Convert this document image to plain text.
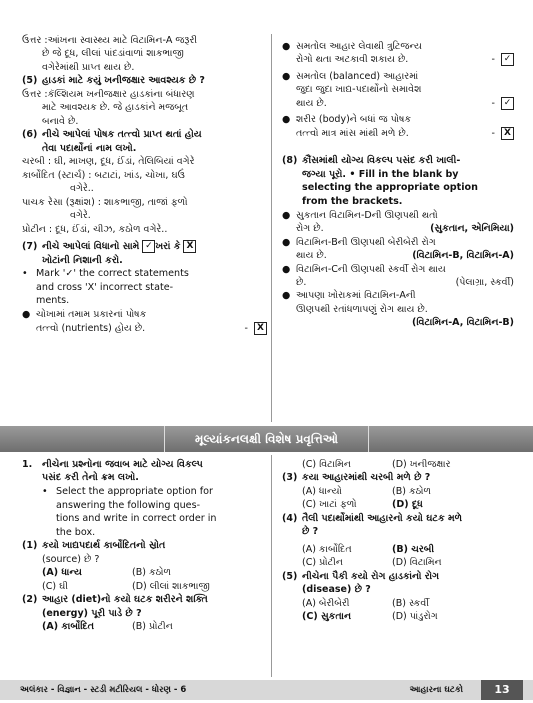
ઉત્તર :આંખના સ્વાસ્થ્ય માટે વિટામિન-A જરૂરી
છે જે દૂધ, લીલાં પાંદડાંવાળાં શાકભાજી
વગેરેમાંથી પ્રાપ્ત થાય છે.
(5) હાડકાં માટે કયું ખનીજક્ષાર આવશ્યક છે ?
ઉત્તર :કૅલ્શિયમ ખનીજક્ષાર હાડકાંના બંધારણ
માટે આવશ્યક છે. જે હાડકાંને મજબૂત
બનાવે છે.
(6) નીચે આપેલાં પોષક તત્ત્વો પ્રાપ્ત થતાં હોય
તેવા પદાર્થોનાં નામ લખો.
ચરબી : ઘી, માખણ, દૂધ, ઈંડાં, તેલિબિયાં વગેરે
કાર્બોદિત (સ્ટાર્ચ) : બટાટાં, ખાંડ, ચોખા, ઘઉં
વગેરે..
પાચક રેસા (રૂક્ષાંશ) : શાકભાજી, તાજાં ફળો
વગેરે.
પ્રોટીન : દૂધ, ઈંડાં, ચીઝ, કઠોળ વગેરે..
(7) નીચે આપેલાં વિધાનો સામે ✓ ખરાં કે X
ખોટાંની નિશાની કરો.
• Mark '✓' the correct statements
and cross 'X' incorrect state-
ments.
● ચોખામાં તમામ પ્રકારનાં પોષક
તત્ત્વો (nutrients) હોય છે.	- X
● સમતોલ આહાર લેવાથી ત્રુટિજન્ય
રોગો થતા અટકાવી શકાય છે.	- ✓
● સમતોલ (balanced) આહારમાં
જુદા જુદા ખાદ્ય-પદાર્થોનો સમાવેશ
થાય છે.	- ✓
● શરીર (body)ને બધાં જ પોષક
તત્ત્વો માત્ર માંસ માંથી મળે છે.	- X
(8) કૌંસમાંથી યોગ્ય વિકલ્પ પસંદ કરી ખાલી-
જગ્યા પૂરો. • Fill in the blank by
selecting the appropriate option
from the brackets.
● સુકતાન વિટામિન-Dની ઊણપથી થતો
રોગ છે.	(સુકતાન, એનિમિયા)
● વિટામિન-Bની ઊણપથી બેરીબેરી રોગ
થાય છે.	(વિટામિન-B, વિટામિન-A)
● વિટામિન-Cની ઊણપથી સ્કર્વી રોગ થાય
છે.	(પેલાગ્રા, સ્કર્વી)
● આપણા ખોરાકમાં વિટામિન-Aની
ઊણપથી રતાંધળાપણું રોગ થાય છે.
(વિટામિન-A, વિટામિન-B)
મૂલ્યાંકનલક્ષી વિશેષ પ્રવૃત્તિઓ
1. નીચેના પ્રશ્નોના જવાબ માટે યોગ્ય વિકલ્પ
પસંદ કરી તેનો ક્રમ લખો.
• Select the appropriate option for
answering the following ques-
tions and write in correct order in
the box.
(1) કયો ખાદ્યપદાર્થ કાર્બોદિતનો સ્રોત
(source) છે ?
(A) ધાન્ય	(B) કઠોળ
(C) ઘી	(D) લીલાં શાકભાજી
(2) આહાર (diet)નો કયો ઘટક શરીરને શક્તિ
(energy) પૂરી પાડે છે ?
(A) કાર્બોદિત	(B) પ્રોટીન
(C) વિટામિન	(D) ખનીજક્ષાર
(3) કયા આહારમાંથી ચરબી મળે છે ?
(A) ધાન્યો	(B) કઠોળ
(C) ખાટાં ફળો	(D) દૂધ
(4) તૈલી પદાર્થોમાંથી આહારનો કયો ઘટક મળે
છે ?
(A) કાર્બોદિત	(B) ચરબી
(C) પ્રોટીન	(D) વિટામિન
(5) નીચેના પૈકી કયો રોગ હાડકાંનો રોગ
(disease) છે ?
(A) બેરીબેરી	(B) સ્કર્વી
(C) સુકતાન	(D) પાંડુરોગ
અલંકાર - વિજ્ઞાન - સ્ટડી મટીરિયલ - ધોરણ - 6	આહારના ઘટકો	13
